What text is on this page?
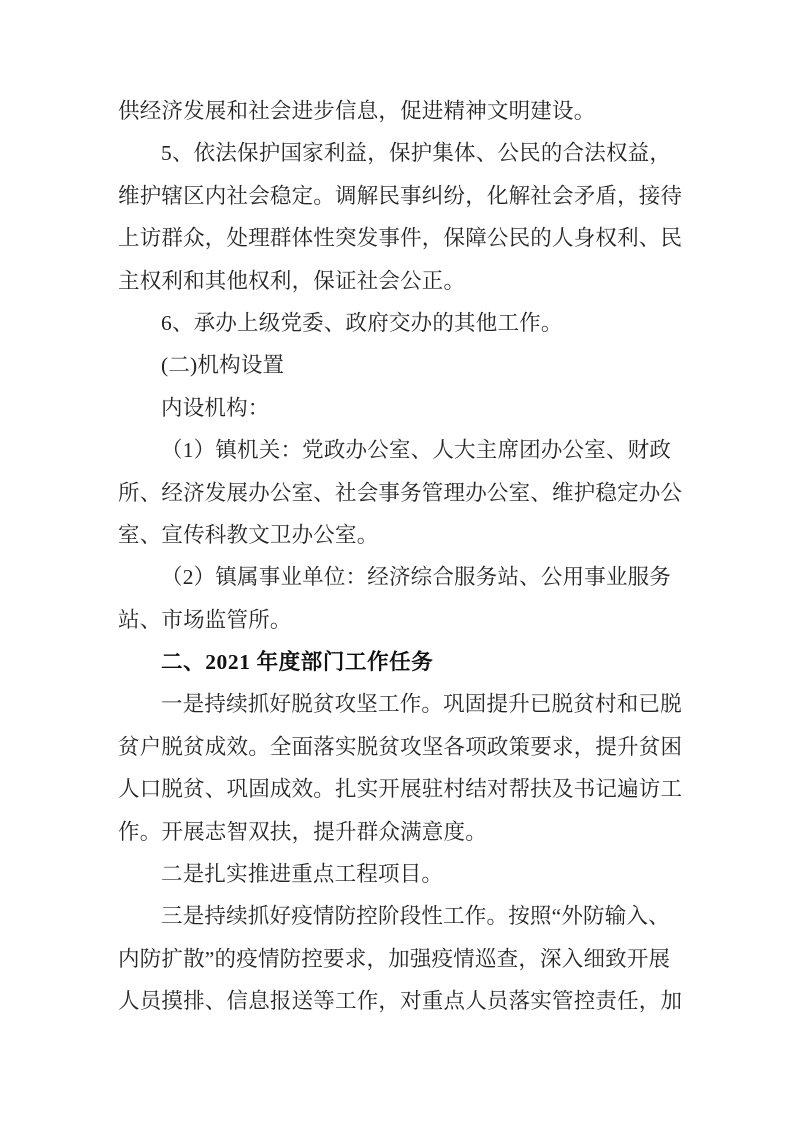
供经济发展和社会进步信息，促进精神文明建设。
5、依法保护国家利益，保护集体、公民的合法权益，
维护辖区内社会稳定。调解民事纠纷，化解社会矛盾，接待
上访群众，处理群体性突发事件，保障公民的人身权利、民
主权利和其他权利，保证社会公正。
6、承办上级党委、政府交办的其他工作。
(二)机构设置
内设机构：
（1）镇机关：党政办公室、人大主席团办公室、财政
所、经济发展办公室、社会事务管理办公室、维护稳定办公
室、宣传科教文卫办公室。
（2）镇属事业单位：经济综合服务站、公用事业服务
站、市场监管所。
二、2021 年度部门工作任务
一是持续抓好脱贫攻坚工作。巩固提升已脱贫村和已脱
贫户脱贫成效。全面落实脱贫攻坚各项政策要求，提升贫困
人口脱贫、巩固成效。扎实开展驻村结对帮扶及书记遍访工
作。开展志智双扶，提升群众满意度。
二是扎实推进重点工程项目。
三是持续抓好疫情防控阶段性工作。按照“外防输入、
内防扩散”的疫情防控要求，加强疫情巡查，深入细致开展
人员摸排、信息报送等工作，对重点人员落实管控责任，加
